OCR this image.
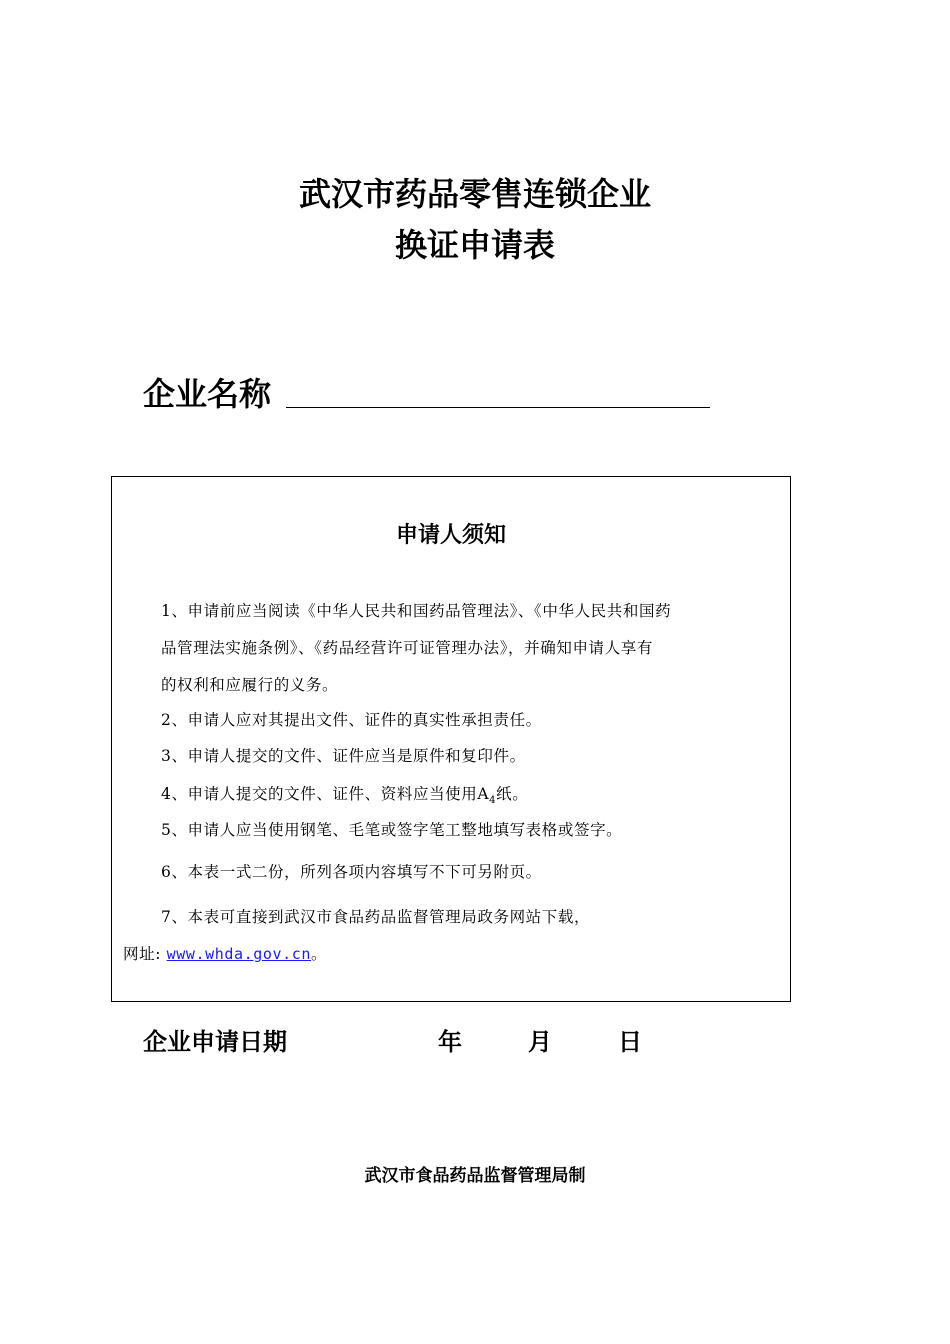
武汉市药品零售连锁企业
换证申请表
企业名称
申请人须知
1、申请前应当阅读《中华人民共和国药品管理法》、《中华人民共和国药
品管理法实施条例》、《药品经营许可证管理办法》，并确知申请人享有
的权利和应履行的义务。
2、申请人应对其提出文件、证件的真实性承担责任。
3、申请人提交的文件、证件应当是原件和复印件。
4、申请人提交的文件、证件、资料应当使用$A_4$纸。
5、申请人应当使用钢笔、毛笔或签字笔工整地填写表格或签字。
6、本表一式二份，所列各项内容填写不下可另附页。
7、本表可直接到武汉市食品药品监督管理局政务网站下载，
网址: www.whda.gov.cn。
企业申请日期	年	月	日
武汉市食品药品监督管理局制
